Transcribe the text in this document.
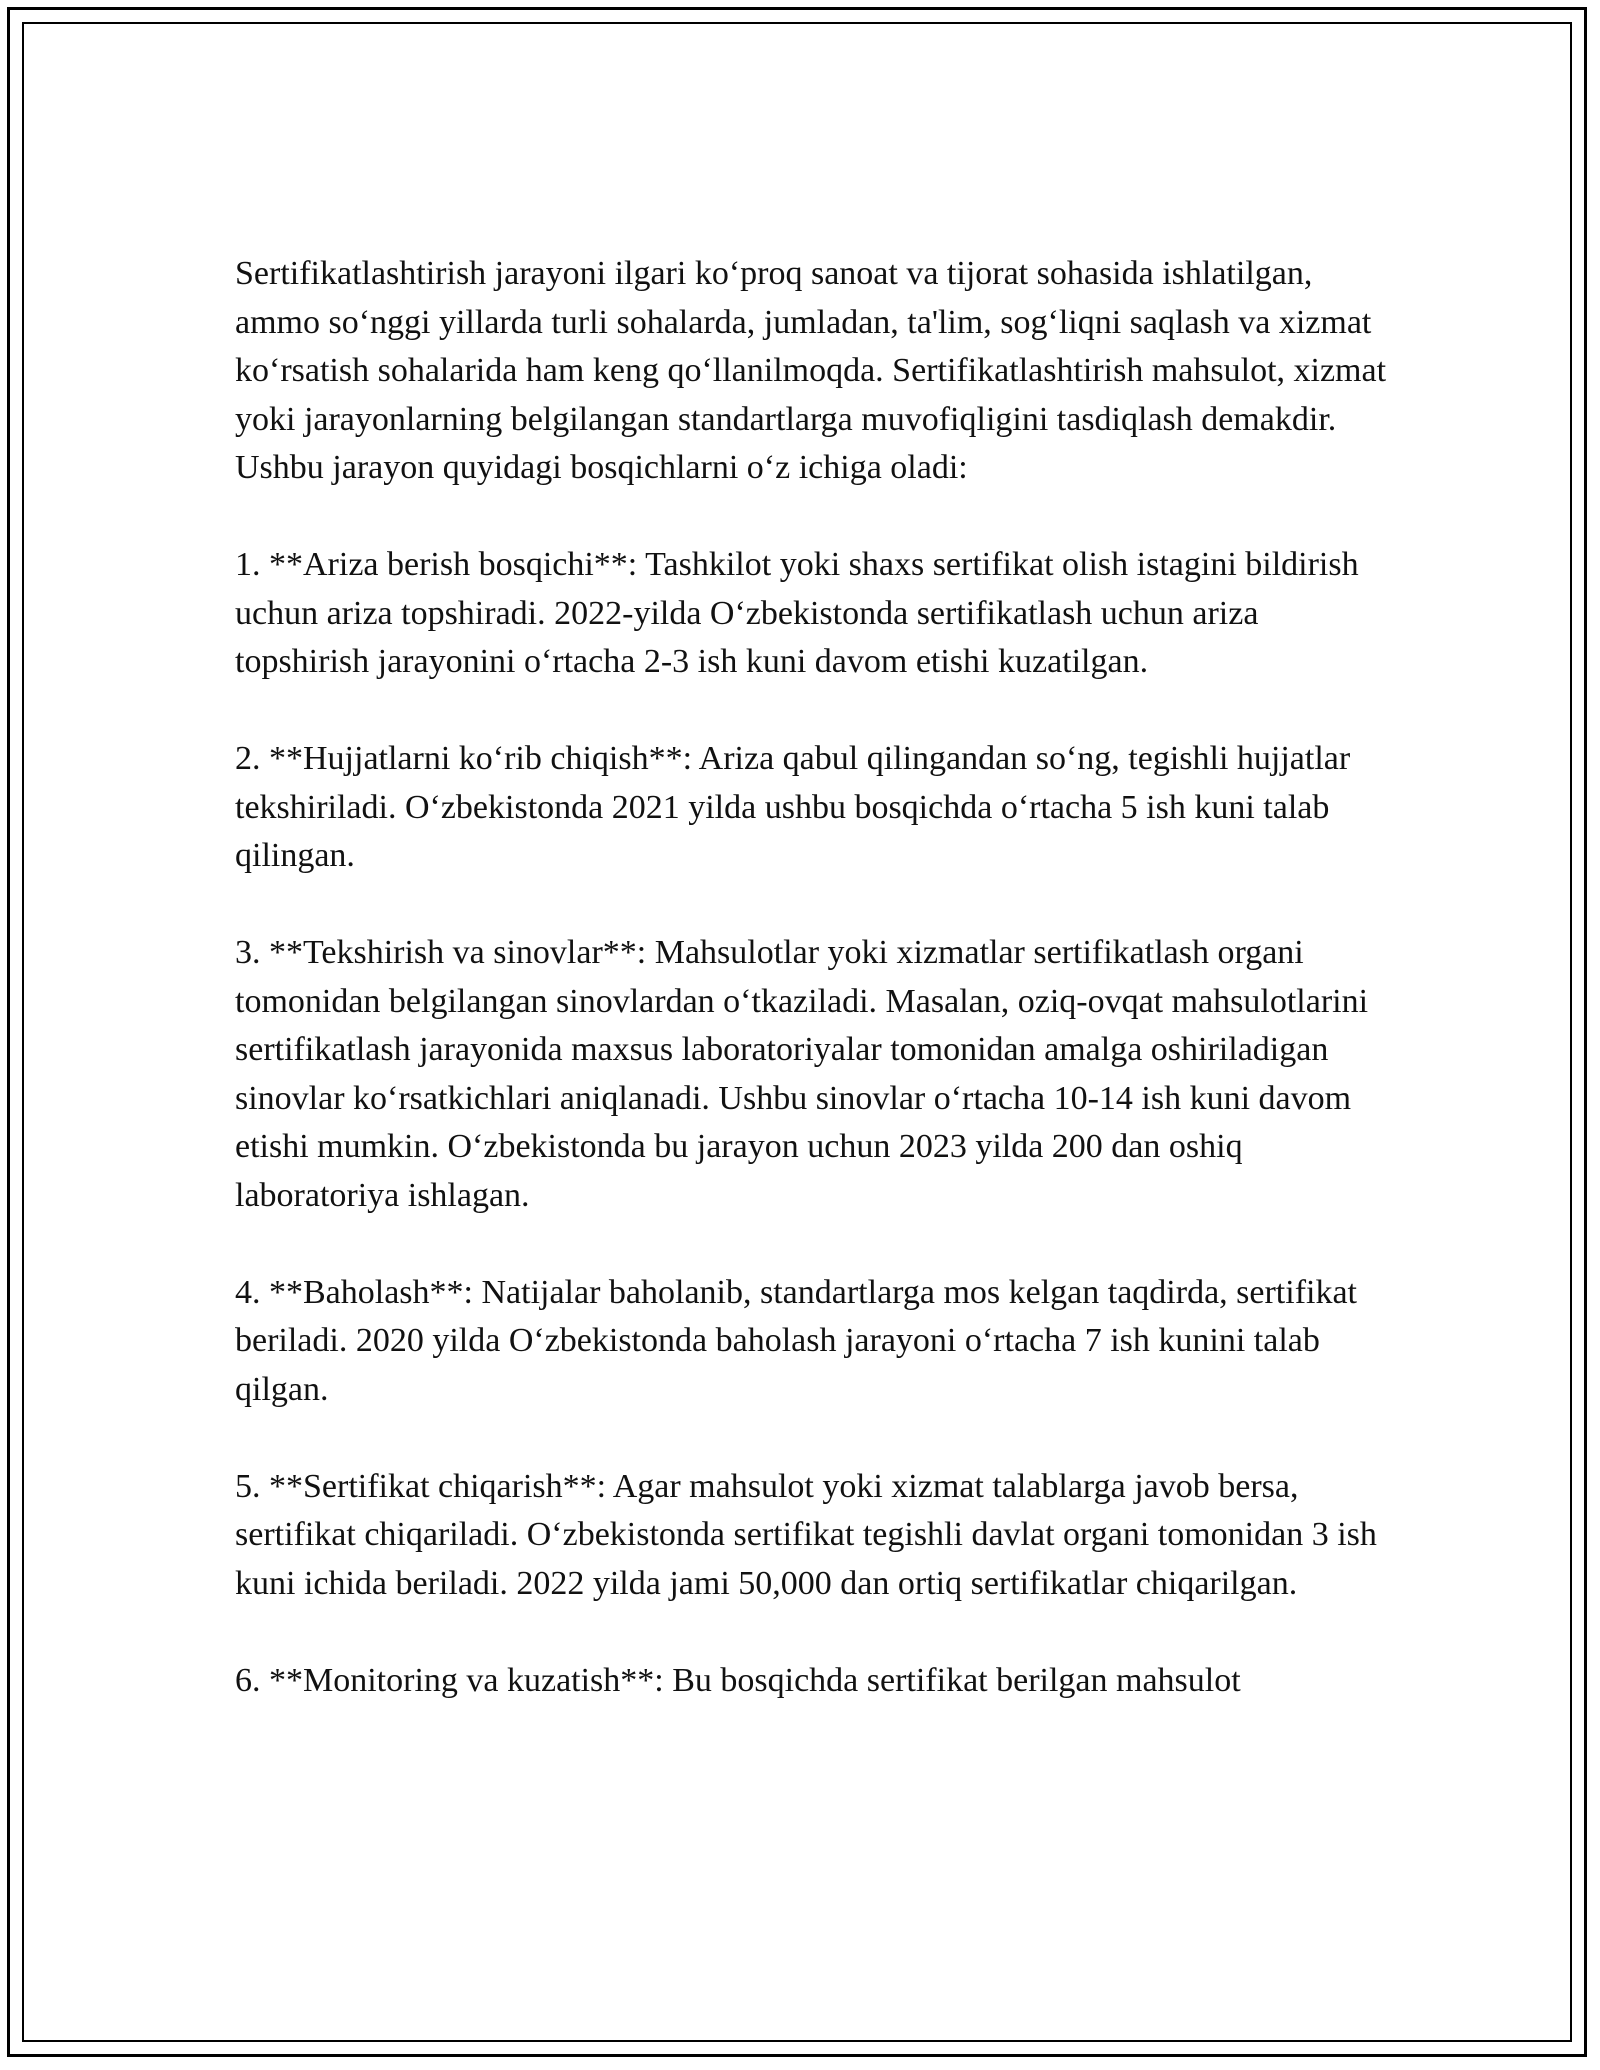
Sertifikatlashtirish jarayoni ilgari koʻproq sanoat va tijorat sohasida ishlatilgan, ammo soʻnggi yillarda turli sohalarda, jumladan, ta'lim, sogʻliqni saqlash va xizmat koʻrsatish sohalarida ham keng qoʻllanilmoqda. Sertifikatlashtirish mahsulot, xizmat yoki jarayonlarning belgilangan standartlarga muvofiqligini tasdiqlash demakdir. Ushbu jarayon quyidagi bosqichlarni oʻz ichiga oladi:

1. **Ariza berish bosqichi**: Tashkilot yoki shaxs sertifikat olish istagini bildirish uchun ariza topshiradi. 2022-yilda Oʻzbekistonda sertifikatlash uchun ariza topshirish jarayonini oʻrtacha 2-3 ish kuni davom etishi kuzatilgan.

2. **Hujjatlarni koʻrib chiqish**: Ariza qabul qilingandan soʻng, tegishli hujjatlar tekshiriladi. Oʻzbekistonda 2021 yilda ushbu bosqichda oʻrtacha 5 ish kuni talab qilingan.

3. **Tekshirish va sinovlar**: Mahsulotlar yoki xizmatlar sertifikatlash organi tomonidan belgilangan sinovlardan oʻtkaziladi. Masalan, oziq-ovqat mahsulotlarini sertifikatlash jarayonida maxsus laboratoriyalar tomonidan amalga oshiriladigan sinovlar koʻrsatkichlari aniqlanadi. Ushbu sinovlar oʻrtacha 10-14 ish kuni davom etishi mumkin. Oʻzbekistonda bu jarayon uchun 2023 yilda 200 dan oshiq laboratoriya ishlagan.

4. **Baholash**: Natijalar baholanib, standartlarga mos kelgan taqdirda, sertifikat beriladi. 2020 yilda Oʻzbekistonda baholash jarayoni oʻrtacha 7 ish kunini talab qilgan.

5. **Sertifikat chiqarish**: Agar mahsulot yoki xizmat talablarga javob bersa, sertifikat chiqariladi. Oʻzbekistonda sertifikat tegishli davlat organi tomonidan 3 ish kuni ichida beriladi. 2022 yilda jami 50,000 dan ortiq sertifikatlar chiqarilgan.

6. **Monitoring va kuzatish**: Bu bosqichda sertifikat berilgan mahsulot
